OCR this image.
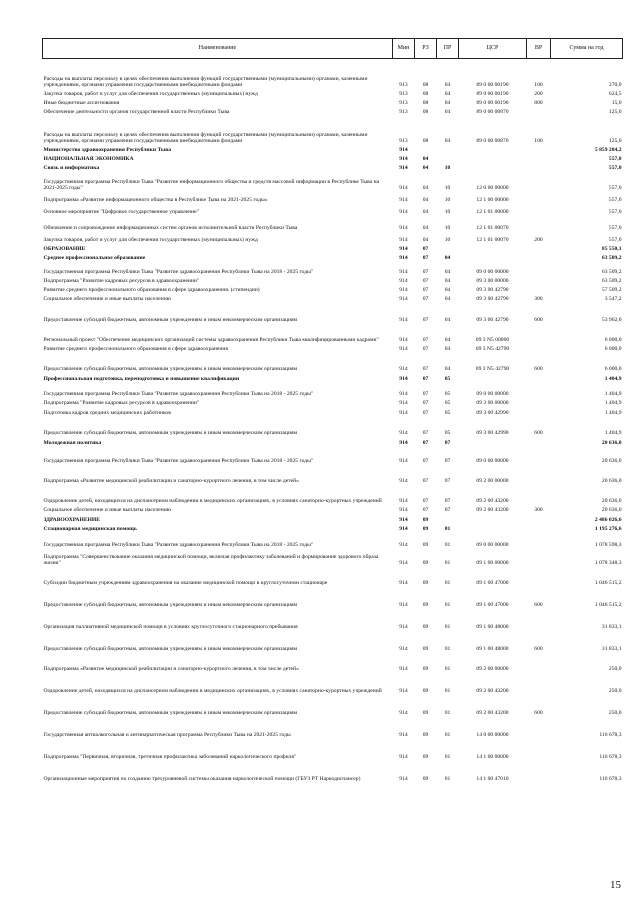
Наименование	Мин	РЗ	ПР	ЦСР	ВР	Сумма на год
Расходы на выплаты персоналу в целях обеспечения выполнения функций государственными (муниципальными) органами, казенными учреждениями, органами управления государственными внебюджетными фондами	913	08	04	89 0 00 00190	100	270,0
Закупка товаров, работ и услуг для обеспечения государственных (муниципальных) нужд	913	08	04	89 0 00 00190	200	624,5
Иные бюджетные ассигнования	913	08	04	89 0 00 00190	800	15,0
Обеспечение деятельности органов государственной власти Республики Тыва	913	08	04	89 0 00 00870		125,0
Расходы на выплаты персоналу в целях обеспечения выполнения функций государственными (муниципальными) органами, казенными учреждениями, органами управления государственными внебюджетными фондами	913	08	04	89 0 00 00870	100	125,0
Министерство здравоохранения Республики Тыва	914					5 859 284,2
НАЦИОНАЛЬНАЯ ЭКОНОМИКА	914	04				557,0
Связь и информатика	914	04	10			557,0
Государственная программа Республики Тыва "Развитие информационного общества и средств массовой информации в Республике Тыва на 2021-2025 годы"	914	04	10	12 0 00 00000		557,0
Подпрограмма «Развитие информационного общества в Республике Тыва на 2021-2025 годы»	914	04	10	12 1 00 00000		557,0
Основное мероприятие "Цифровое государственное управление"	914	04	10	12 1 01 00000		557,0
Обновление и сопровождение информационных систем органов исполнительной власти Республики Тыва	914	04	10	12 1 01 00070		557,0
Закупка товаров, работ и услуг для обеспечения государственных (муниципальных) нужд	914	04	10	12 1 01 00070	200	557,0
ОБРАЗОВАНИЕ	914	07				85 550,1
Среднее профессиональное образование	914	07	04			63 509,2
Государственная программа Республики Тыва "Развитие здравоохранения Республики Тыва на 2018 - 2025 годы"	914	07	04	09 0 00 00000		63 509,2
Подпрограмма "Развитие кадровых ресурсов в здравоохранении"	914	07	04	09 3 00 00000		63 509,2
Развитие среднего профессионального образования в сфере здравоохранения. (стипендии)	914	07	04	09 3 00 42790		57 509,2
Социальное обеспечение и иные выплаты населению	914	07	04	09 3 00 42790	300	3 547,2
Предоставление субсидий бюджетным, автономным учреждениям и иным некоммерческим организациям	914	07	04	09 3 00 42790	600	53 962,0
Региональный проект "Обеспечение медицинских организаций системы здравоохранения Республики Тыва квалифицированными кадрами"	914	07	04	09 3 N5 00000		6 000,0
Развитие среднего профессионального образования в сфере здравоохранения	914	07	04	09 3 N5 42790		6 000,0
Предоставление субсидий бюджетным, автономным учреждениям и иным некоммерческим организациям	914	07	04	09 3 N5 42790	600	6 000,0
Профессиональная подготовка, переподготовка и повышение квалификации	914	07	05			1 404,9
Государственная программа Республики Тыва "Развитие здравоохранения Республики Тыва на 2018 - 2025 годы"	914	07	05	09 0 00 00000		1 404,9
Подпрограмма "Развитие кадровых ресурсов в здравоохранении"	914	07	05	09 3 00 00000		1 404,9
Подготовка кадров средних медицинских работников	914	07	05	09 3 00 42990		1 404,9
Предоставление субсидий бюджетным, автономным учреждениям и иным некоммерческим организациям	914	07	05	09 3 00 42990	600	1 404,9
Молодежная политика	914	07	07			20 636,0
Государственная программа Республики Тыва "Развитие здравоохранения Республики Тыва на 2018 - 2025 годы"	914	07	07	09 0 00 00000		20 636,0
Подпрограмма «Развитие медицинской реабилитации и санаторно-курортного лечения, в том числе детей»	914	07	07	09 2 00 00000		20 636,0
Оздоровление детей, находящихся на диспансерном наблюдении в медицинских организациях, в условиях санаторно-курортных учреждений	914	07	07	09 2 00 43200		20 636,0
Социальное обеспечение и иные выплаты населению	914	07	07	09 2 00 43200	300	20 636,0
ЗДРАВООХРАНЕНИЕ	914	09				2 486 026,6
Стационарная медицинская помощь	914	09	01			1 195 276,6
Государственная программа Республики Тыва "Развитие здравоохранения Республики Тыва на 2018 - 2025 годы"	914	09	01	09 0 00 00000		1 078 598,3
Подпрограмма "Совершенствование оказания медицинской помощи, включая профилактику заболеваний и формирование здорового образа жизни"	914	09	01	09 1 00 00000		1 078 348,3
Субсидии бюджетным учреждениям здравоохранения на оказание медицинской помощи в круглосуточном стационаре	914	09	01	09 1 00 47000		1 046 515,2
Предоставление субсидий бюджетным, автономным учреждениям и иным некоммерческим организациям	914	09	01	09 1 00 47000	600	1 046 515,2
Организация паллиативной медицинской помощи в условиях круглосуточного стационарного пребывания	914	09	01	09 1 00 48000		31 833,1
Предоставление субсидий бюджетным, автономным учреждениям и иным некоммерческим организациям	914	09	01	09 1 00 48000	600	31 833,1
Подпрограмма «Развитие медицинской реабилитации и санаторно-курортного лечения, в том числе детей»	914	09	01	09 2 00 00000		250,0
Оздоровление детей, находящихся на диспансерном наблюдении в медицинских организациях, в условиях санаторно-курортных учреждений	914	09	01	09 2 00 43200		250,0
Предоставление субсидий бюджетным, автономным учреждениям и иным некоммерческим организациям	914	09	01	09 2 00 43200	600	250,0
Государственная антиалкогольная и антинаркотическая программа Республики Тыва на 2021-2025 годы	914	09	01	14 0 00 00000		116 678,3
Подпрограмма "Первичная, вторичная, третичная профилактика заболеваний наркологического профиля"	914	09	01	14 1 00 00000		116 678,3
Организационные мероприятия по созданию трехуровневой системы оказания наркологической помощи (ГБУЗ РТ Наркодиспансер)	914	09	01	14 1 00 47010		116 678,3
15
